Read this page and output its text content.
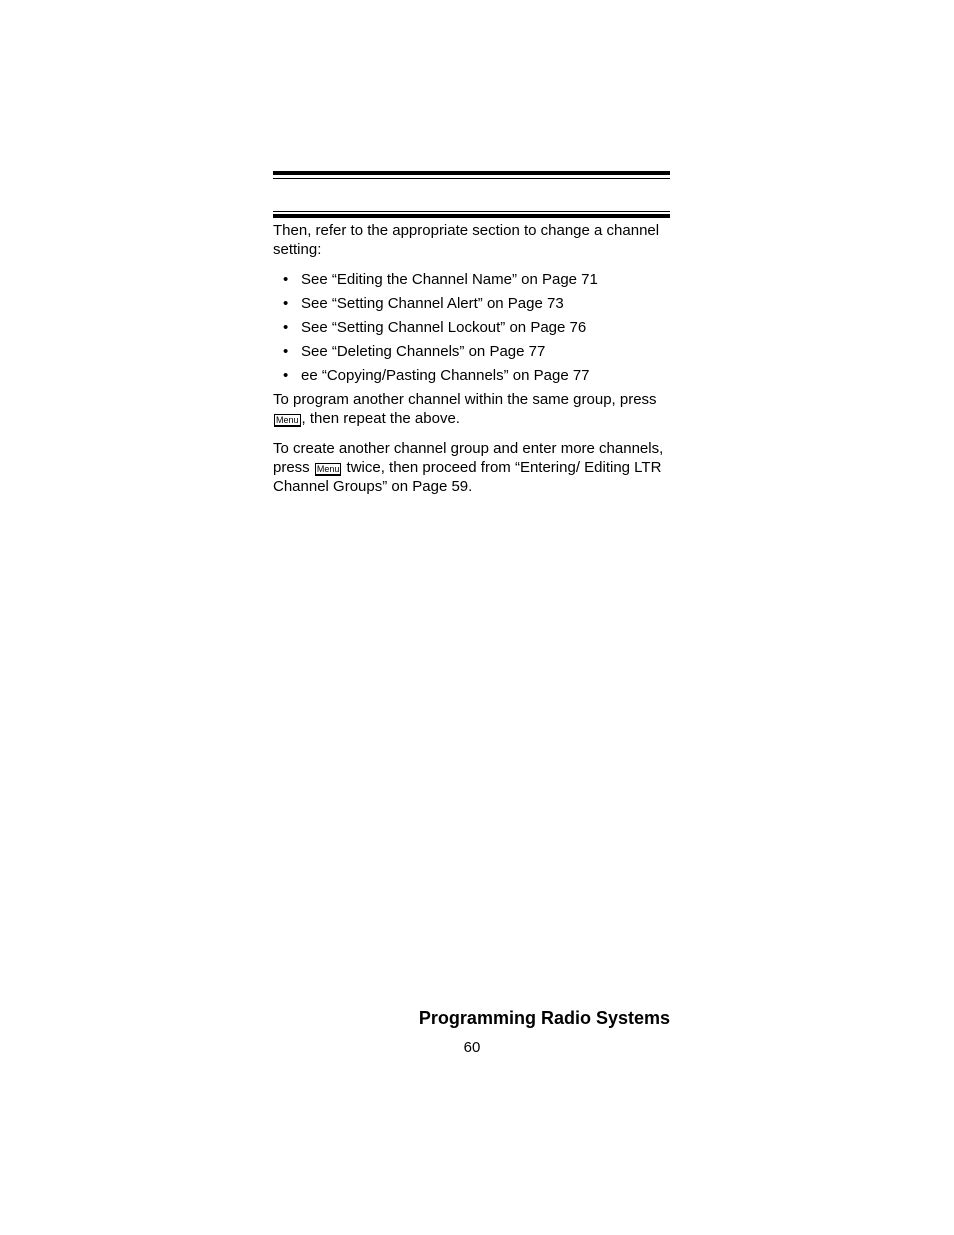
Then, refer to the appropriate section to change a channel setting:

• See “Editing the Channel Name” on Page 71
• See “Setting Channel Alert” on Page 73
• See “Setting Channel Lockout” on Page 76
• See “Deleting Channels” on Page 77
• ee “Copying/Pasting Channels” on Page 77

To program another channel within the same group, press Menu , then repeat the above.

To create another channel group and enter more channels, press Menu twice, then proceed from “Entering/ Editing LTR Channel Groups” on Page 59.

Programming Radio Systems
60
